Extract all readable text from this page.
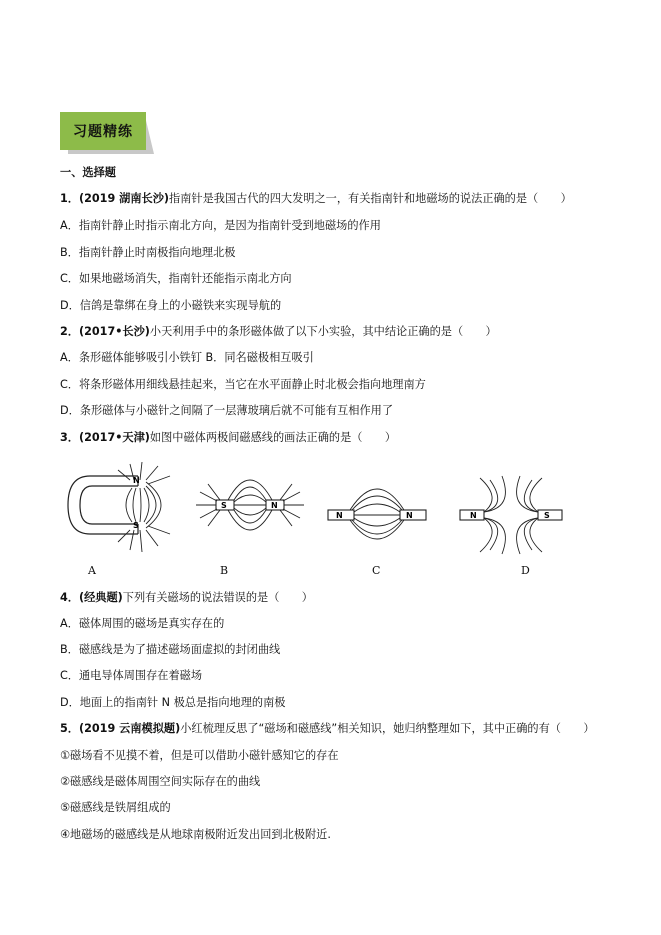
习题精练
一、选择题
1．(2019 湖南长沙)指南针是我国古代的四大发明之一，有关指南针和地磁场的说法正确的是（　　）
A．指南针静止时指示南北方向，是因为指南针受到地磁场的作用
B．指南针静止时南极指向地理北极
C．如果地磁场消失，指南针还能指示南北方向
D．信鸽是靠绑在身上的小磁铁来实现导航的
2．(2017•长沙)小天利用手中的条形磁体做了以下小实验，其中结论正确的是（　　）
A．条形磁体能够吸引小铁钉 B．同名磁极相互吸引
C．将条形磁体用细线悬挂起来，当它在水平面静止时北极会指向地理南方
D．条形磁体与小磁针之间隔了一层薄玻璃后就不可能有互相作用了
3．(2017•天津)如图中磁体两极间磁感线的画法正确的是（　　）
N
S
A
S	N
B
N	N
C
N	S
D
4．(经典题)下列有关磁场的说法错误的是（　　）
A．磁体周围的磁场是真实存在的
B．磁感线是为了描述磁场面虚拟的封闭曲线
C．通电导体周围存在着磁场
D．地面上的指南针 N 极总是指向地理的南极
5．(2019 云南模拟题)小红梳理反思了“磁场和磁感线”相关知识，她归纳整理如下，其中正确的有（　　）
①磁场看不见摸不着，但是可以借助小磁针感知它的存在
②磁感线是磁体周围空间实际存在的曲线
⑤磁感线是铁屑组成的
④地磁场的磁感线是从地球南极附近发出回到北极附近.
